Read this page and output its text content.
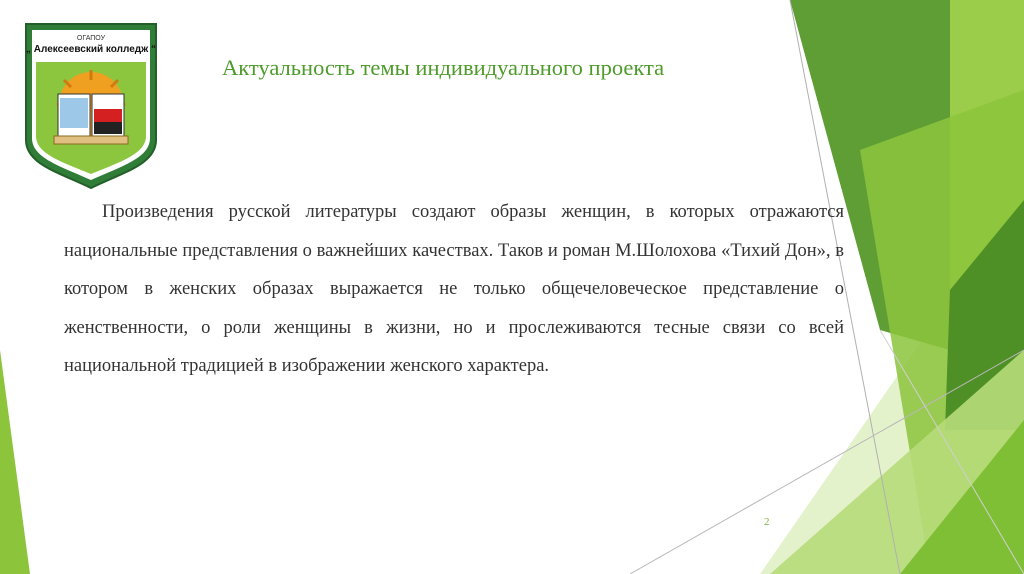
ОГАПОУ
„ Алексеевский колледж “
Актуальность темы индивидуального проекта
Произведения русской литературы создают образы женщин, в которых отражаются национальные представления о важнейших качествах. Таков и роман М.Шолохова «Тихий Дон», в котором в женских образах выражается не только общечеловеческое представление о женственности, о роли женщины в жизни, но и прослеживаются тесные связи со всей национальной традицией в изображении женского характера.
2
